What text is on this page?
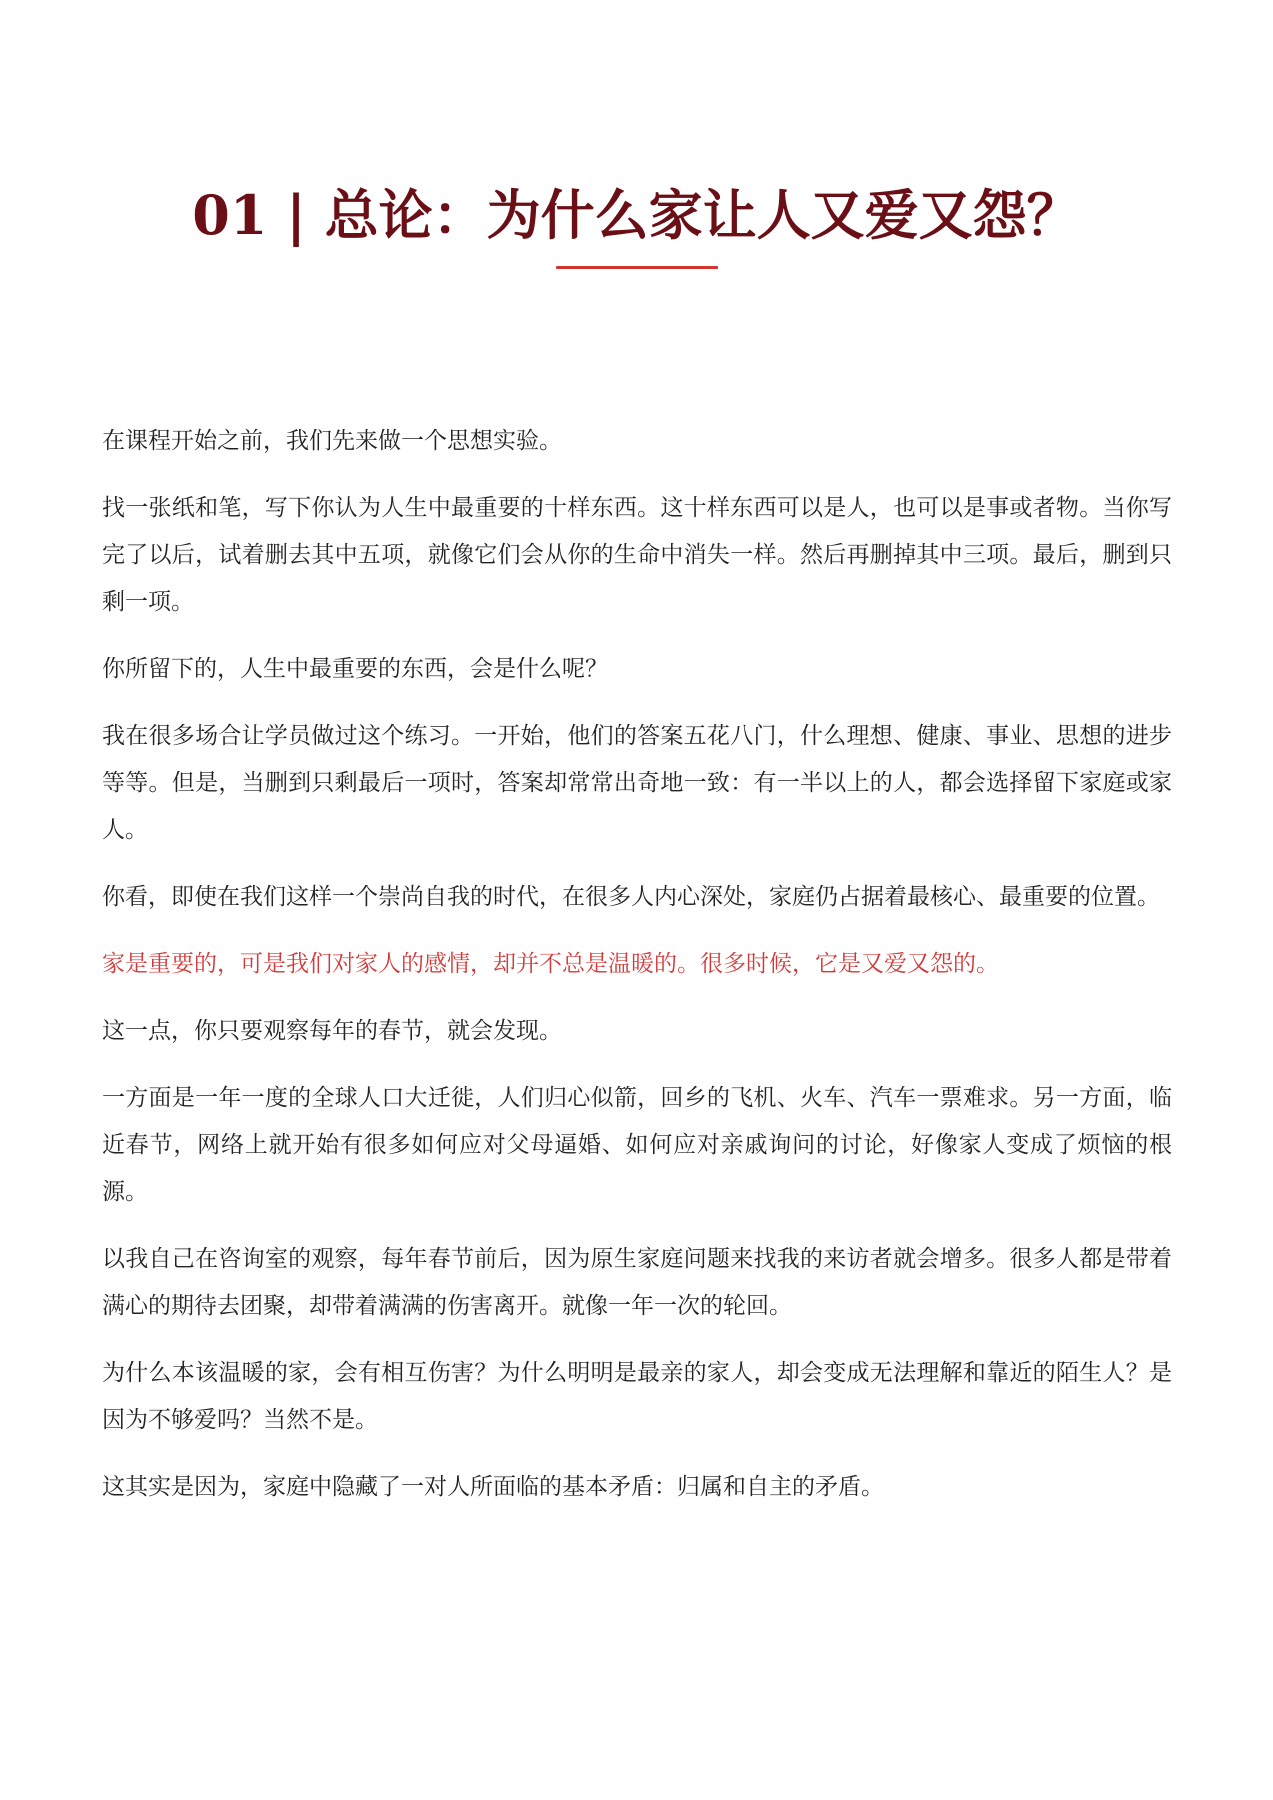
01 | 总论：为什么家让人又爱又怨？

在课程开始之前，我们先来做一个思想实验。

找一张纸和笔，写下你认为人生中最重要的十样东西。这十样东西可以是人，也可以是事或者物。当你写完了以后，试着删去其中五项，就像它们会从你的生命中消失一样。然后再删掉其中三项。最后，删到只剩一项。

你所留下的，人生中最重要的东西，会是什么呢？

我在很多场合让学员做过这个练习。一开始，他们的答案五花八门，什么理想、健康、事业、思想的进步等等。但是，当删到只剩最后一项时，答案却常常出奇地一致：有一半以上的人，都会选择留下家庭或家人。

你看，即使在我们这样一个崇尚自我的时代，在很多人内心深处，家庭仍占据着最核心、最重要的位置。

家是重要的，可是我们对家人的感情，却并不总是温暖的。很多时候，它是又爱又怨的。

这一点，你只要观察每年的春节，就会发现。

一方面是一年一度的全球人口大迁徙，人们归心似箭，回乡的飞机、火车、汽车一票难求。另一方面，临近春节，网络上就开始有很多如何应对父母逼婚、如何应对亲戚询问的讨论，好像家人变成了烦恼的根源。

以我自己在咨询室的观察，每年春节前后，因为原生家庭问题来找我的来访者就会增多。很多人都是带着满心的期待去团聚，却带着满满的伤害离开。就像一年一次的轮回。

为什么本该温暖的家，会有相互伤害？为什么明明是最亲的家人，却会变成无法理解和靠近的陌生人？是因为不够爱吗？当然不是。

这其实是因为，家庭中隐藏了一对人所面临的基本矛盾：归属和自主的矛盾。
